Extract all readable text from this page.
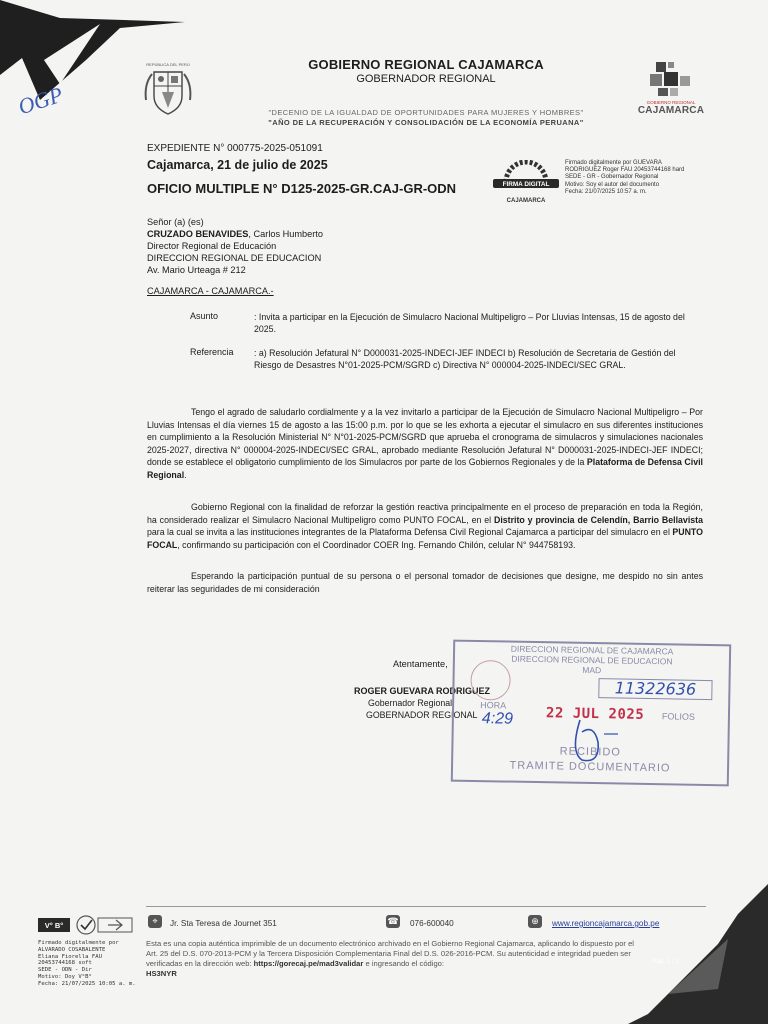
OGP
REPÚBLICA DEL PERÚ	GOBIERNO REGIONAL CAJAMARCA
GOBERNADOR REGIONAL
"DECENIO DE LA IGUALDAD DE OPORTUNIDADES PARA MUJERES Y HOMBRES"
"AÑO DE LA RECUPERACIÓN Y CONSOLIDACIÓN DE LA ECONOMÍA PERUANA"
GOBIERNO REGIONAL
CAJAMARCA
EXPEDIENTE N° 000775-2025-051091
Cajamarca, 21 de julio de 2025
OFICIO MULTIPLE N° D125-2025-GR.CAJ-GR-ODN	FIRMA DIGITAL
CAJAMARCA
Firmado digitalmente por GUEVARA
RODRIGUEZ Roger FAU 20453744168 hard
SEDE - GR - Gobernador Regional
Motivo: Soy el autor del documento
Fecha: 21/07/2025 10:57 a. m.
Señor (a) (es)
CRUZADO BENAVIDES, Carlos Humberto
Director Regional de Educación
DIRECCION REGIONAL DE EDUCACION
Av. Mario Urteaga # 212
CAJAMARCA - CAJAMARCA.-
Asunto	: Invita a participar en la Ejecución de Simulacro Nacional Multipeligro – Por Lluvias Intensas, 15 de agosto del 2025.
Referencia : a) Resolución Jefatural N° D000031-2025-INDECI-JEF INDECI b) Resolución de Secretaria de Gestión del Riesgo de Desastres N°01-2025-PCM/SGRD c) Directiva N° 000004-2025-INDECI/SEC GRAL.
Tengo el agrado de saludarlo cordialmente y a la vez invitarlo a participar de la Ejecución de Simulacro Nacional Multipeligro – Por Lluvias Intensas el día viernes 15 de agosto a las 15:00 p.m. por lo que se les exhorta a ejecutar el simulacro en sus diferentes instituciones en cumplimiento a la Resolución Ministerial N° N°01-2025-PCM/SGRD que aprueba el cronograma de simulacros y simulaciones nacionales 2025-2027, directiva N° 000004-2025-INDECI/SEC GRAL, aprobado mediante Resolución Jefatural N° D000031-2025-INDECI-JEF INDECI; donde se establece el obligatorio cumplimiento de los Simulacros por parte de los Gobiernos Regionales y de la Plataforma de Defensa Civil Regional.
Gobierno Regional con la finalidad de reforzar la gestión reactiva principalmente en el proceso de preparación en toda la Región, ha considerado realizar el Simulacro Nacional Multipeligro como PUNTO FOCAL, en el Distrito y provincia de Celendín, Barrio Bellavista para la cual se invita a las instituciones integrantes de la Plataforma Defensa Civil Regional Cajamarca a participar del simulacro en el PUNTO FOCAL, confirmando su participación con el Coordinador COER Ing. Fernando Chilón, celular N° 944758193.
Esperando la participación puntual de su persona o el personal tomador de decisiones que designe, me despido no sin antes reiterar las seguridades de mi consideración
Atentamente,
ROGER GUEVARA RODRIGUEZ
Gobernador Regional
GOBERNADOR REGIONAL
DIRECCION REGIONAL DE CAJAMARCA
DIRECCION REGIONAL DE EDUCACION
MAD
11322636
HORA
4:29 22 JUL 2025 FOLIOS
RECIBIDO
TRAMITE DOCUMENTARIO
⌖	Jr. Sta Teresa de Journet 351	☎ 076-600040	⊕	www.regioncajamarca.gob.pe
V° B°
Firmado digitalmente por
ALVARADO COSABALENTE
Eliana Fiorella FAU
20453744168 soft
SEDE - ODN - Dir
Motivo: Doy V°B°
Fecha: 21/07/2025 10:05 a. m.
Esta es una copia auténtica imprimible de un documento electrónico archivado en el Gobierno Regional Cajamarca, aplicando lo dispuesto por el Art. 25 del D.S. 070-2013-PCM y la Tercera Disposición Complementaria Final del D.S. 026-2016-PCM. Su autenticidad e integridad pueden ser verificadas en la dirección web: https://gorecaj.pe/mad3validar e ingresando el código:
HS3NYR
Pág. 1 / 1
